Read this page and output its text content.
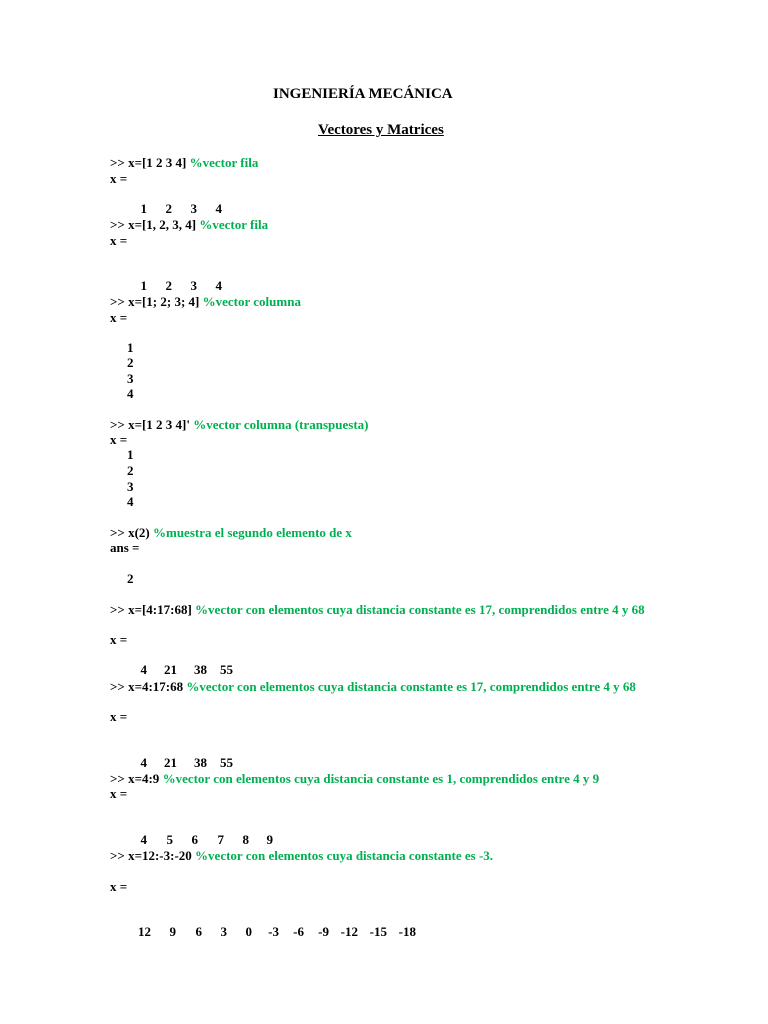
INGENIERÍA MECÁNICA
Vectores y Matrices
>> x=[1 2 3 4] %vector fila
x =

1 2 3 4

>> x=[1, 2, 3, 4] %vector fila
x =

1 2 3 4

>> x=[1; 2; 3; 4] %vector columna
x =
1
2
3
4
>> x=[1 2 3 4]' %vector columna (transpuesta)
x =
1
2
3
4
>> x(2) %muestra el segundo elemento de x
ans =
2
>> x=[4:17:68] %vector con elementos cuya distancia constante es 17, comprendidos entre 4 y 68
x =

4 21 38 55

>> x=4:17:68 %vector con elementos cuya distancia constante es 17, comprendidos entre 4 y 68
x =

4 21 38 55

>> x=4:9 %vector con elementos cuya distancia constante es 1, comprendidos entre 4 y 9
x =

4 5 6 7 8 9

>> x=12:-3:-20 %vector con elementos cuya distancia constante es -3.
x =

12 9 6 3 0 -3 -6 -9 -12 -15 -18
